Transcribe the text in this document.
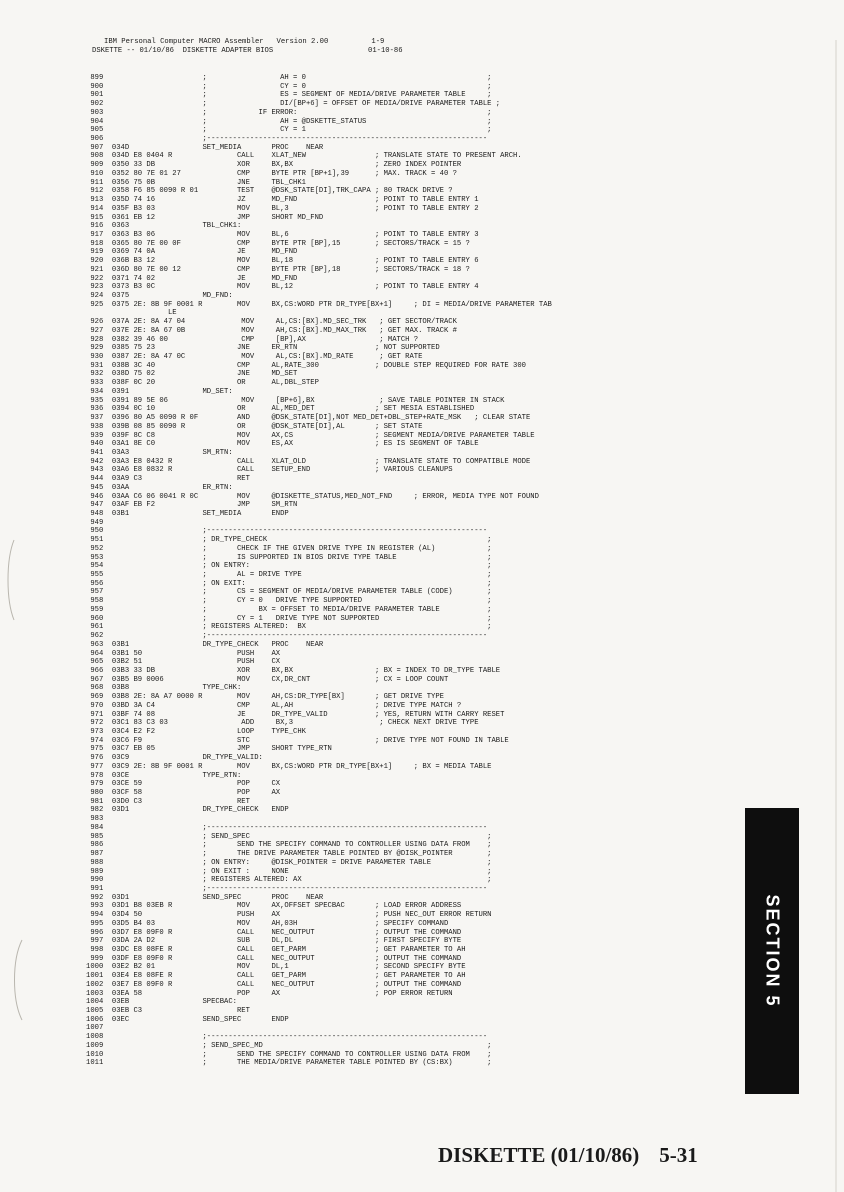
IBM Personal Computer MACRO Assembler   Version 2.00          1-9
DSKETTE -- 01/10/86  DISKETTE ADAPTER BIOS                      01-10-86
899                       ;                 AH = 0                                          ;
900                       ;                 CY = 0                                          ;
901                       ;                 ES = SEGMENT OF MEDIA/DRIVE PARAMETER TABLE     ;
902                       ;                 DI/[BP+6] = OFFSET OF MEDIA/DRIVE PARAMETER TABLE ;
903                       ;            IF ERROR:                                            ;
904                       ;                 AH = @DSKETTE_STATUS                            ;
905                       ;                 CY = 1                                          ;
906                       ;-----------------------------------------------------------------
907  034D                 SET_MEDIA       PROC    NEAR
908  034D E8 0404 R               CALL    XLAT_NEW                ; TRANSLATE STATE TO PRESENT ARCH.
909  0350 33 DB                   XOR     BX,BX                   ; ZERO INDEX POINTER
910  0352 80 7E 01 27             CMP     BYTE PTR [BP+1],39      ; MAX. TRACK = 40 ?
911  0356 75 0B                   JNE     TBL_CHK1
912  0358 F6 85 0090 R 01         TEST    @DSK_STATE[DI],TRK_CAPA ; 80 TRACK DRIVE ?
913  035D 74 16                   JZ      MD_FND                  ; POINT TO TABLE ENTRY 1
914  035F B3 03                   MOV     BL,3                    ; POINT TO TABLE ENTRY 2
915  0361 EB 12                   JMP     SHORT MD_FND
916  0363                 TBL_CHK1:
917  0363 B3 06                   MOV     BL,6                    ; POINT TO TABLE ENTRY 3
918  0365 80 7E 00 0F             CMP     BYTE PTR [BP],15        ; SECTORS/TRACK = 15 ?
919  0369 74 0A                   JE      MD_FND
920  036B B3 12                   MOV     BL,18                   ; POINT TO TABLE ENTRY 6
921  036D 80 7E 00 12             CMP     BYTE PTR [BP],18        ; SECTORS/TRACK = 18 ?
922  0371 74 02                   JE      MD_FND
923  0373 B3 0C                   MOV     BL,12                   ; POINT TO TABLE ENTRY 4
924  0375                 MD_FND:
925  0375 2E: 8B 9F 0001 R        MOV     BX,CS:WORD PTR DR_TYPE[BX+1]     ; DI = MEDIA/DRIVE PARAMETER TAB
LE
926  037A 2E: 8A 47 04             MOV     AL,CS:[BX].MD_SEC_TRK   ; GET SECTOR/TRACK
927  037E 2E: 8A 67 0B             MOV     AH,CS:[BX].MD_MAX_TRK   ; GET MAX. TRACK #
928  0382 39 46 00                 CMP     [BP],AX                 ; MATCH ?
929  0385 75 23                   JNE     ER_RTN                  ; NOT SUPPORTED
930  0387 2E: 8A 47 0C             MOV     AL,CS:[BX].MD_RATE      ; GET RATE
931  038B 3C 40                   CMP     AL,RATE_300             ; DOUBLE STEP REQUIRED FOR RATE 300
932  038D 75 02                   JNE     MD_SET
933  038F 0C 20                   OR      AL,DBL_STEP
934  0391                 MD_SET:
935  0391 89 5E 06                 MOV     [BP+6],BX               ; SAVE TABLE POINTER IN STACK
936  0394 0C 10                   OR      AL,MED_DET              ; SET MESIA ESTABLISHED
937  0396 80 A5 0090 R 0F         AND     @DSK_STATE[DI],NOT MED_DET+DBL_STEP+RATE_MSK   ; CLEAR STATE
938  039B 08 85 0090 R            OR      @DSK_STATE[DI],AL       ; SET STATE
939  039F 8C C8                   MOV     AX,CS                   ; SEGMENT MEDIA/DRIVE PARAMETER TABLE
940  03A1 8E C0                   MOV     ES,AX                   ; ES IS SEGMENT OF TABLE
941  03A3                 SM_RTN:
942  03A3 E8 0432 R               CALL    XLAT_OLD                ; TRANSLATE STATE TO COMPATIBLE MODE
943  03A6 E8 0832 R               CALL    SETUP_END               ; VARIOUS CLEANUPS
944  03A9 C3                      RET
945  03AA                 ER_RTN:
946  03AA C6 06 0041 R 0C         MOV     @DISKETTE_STATUS,MED_NOT_FND     ; ERROR, MEDIA TYPE NOT FOUND
947  03AF EB F2                   JMP     SM_RTN
948  03B1                 SET_MEDIA       ENDP
949
950                       ;-----------------------------------------------------------------
951                       ; DR_TYPE_CHECK                                                   ;
952                       ;       CHECK IF THE GIVEN DRIVE TYPE IN REGISTER (AL)            ;
953                       ;       IS SUPPORTED IN BIOS DRIVE TYPE TABLE                     ;
954                       ; ON ENTRY:                                                       ;
955                       ;       AL = DRIVE TYPE                                           ;
956                       ; ON EXIT:                                                        ;
957                       ;       CS = SEGMENT OF MEDIA/DRIVE PARAMETER TABLE (CODE)        ;
958                       ;       CY = 0   DRIVE TYPE SUPPORTED                             ;
959                       ;            BX = OFFSET TO MEDIA/DRIVE PARAMETER TABLE           ;
960                       ;       CY = 1   DRIVE TYPE NOT SUPPORTED                         ;
961                       ; REGISTERS ALTERED:  BX                                          ;
962                       ;-----------------------------------------------------------------
963  03B1                 DR_TYPE_CHECK   PROC    NEAR
964  03B1 50                      PUSH    AX
965  03B2 51                      PUSH    CX
966  03B3 33 DB                   XOR     BX,BX                   ; BX = INDEX TO DR_TYPE TABLE
967  03B5 B9 0006                 MOV     CX,DR_CNT               ; CX = LOOP COUNT
968  03B8                 TYPE_CHK:
969  03B8 2E: 8A A7 0000 R        MOV     AH,CS:DR_TYPE[BX]       ; GET DRIVE TYPE
970  03BD 3A C4                   CMP     AL,AH                   ; DRIVE TYPE MATCH ?
971  03BF 74 08                   JE      DR_TYPE_VALID           ; YES, RETURN WITH CARRY RESET
972  03C1 83 C3 03                 ADD     BX,3                    ; CHECK NEXT DRIVE TYPE
973  03C4 E2 F2                   LOOP    TYPE_CHK
974  03C6 F9                      STC                             ; DRIVE TYPE NOT FOUND IN TABLE
975  03C7 EB 05                   JMP     SHORT TYPE_RTN
976  03C9                 DR_TYPE_VALID:
977  03C9 2E: 8B 9F 0001 R        MOV     BX,CS:WORD PTR DR_TYPE[BX+1]     ; BX = MEDIA TABLE
978  03CE                 TYPE_RTN:
979  03CE 59                      POP     CX
980  03CF 58                      POP     AX
981  03D0 C3                      RET
982  03D1                 DR_TYPE_CHECK   ENDP
983
984                       ;-----------------------------------------------------------------
985                       ; SEND_SPEC                                                       ;
986                       ;       SEND THE SPECIFY COMMAND TO CONTROLLER USING DATA FROM    ;
987                       ;       THE DRIVE PARAMETER TABLE POINTED BY @DISK_POINTER        ;
988                       ; ON ENTRY:     @DISK_POINTER = DRIVE PARAMETER TABLE             ;
989                       ; ON EXIT :     NONE                                              ;
990                       ; REGISTERS ALTERED: AX                                           ;
991                       ;-----------------------------------------------------------------
992  03D1                 SEND_SPEC       PROC    NEAR
993  03D1 B8 03EB R               MOV     AX,OFFSET SPECBAC       ; LOAD ERROR ADDRESS
994  03D4 50                      PUSH    AX                      ; PUSH NEC_OUT ERROR RETURN
995  03D5 B4 03                   MOV     AH,03H                  ; SPECIFY COMMAND
996  03D7 E8 09F0 R               CALL    NEC_OUTPUT              ; OUTPUT THE COMMAND
997  03DA 2A D2                   SUB     DL,DL                   ; FIRST SPECIFY BYTE
998  03DC E8 08FE R               CALL    GET_PARM                ; GET PARAMETER TO AH
999  03DF E8 09F0 R               CALL    NEC_OUTPUT              ; OUTPUT THE COMMAND
1000  03E2 B2 01                   MOV     DL,1                    ; SECOND SPECIFY BYTE
1001  03E4 E8 08FE R               CALL    GET_PARM                ; GET PARAMETER TO AH
1002  03E7 E8 09F0 R               CALL    NEC_OUTPUT              ; OUTPUT THE COMMAND
1003  03EA 58                      POP     AX                      ; POP ERROR RETURN
1004  03EB                 SPECBAC:
1005  03EB C3                      RET
1006  03EC                 SEND_SPEC       ENDP
1007
1008                       ;-----------------------------------------------------------------
1009                       ; SEND_SPEC_MD                                                    ;
1010                       ;       SEND THE SPECIFY COMMAND TO CONTROLLER USING DATA FROM    ;
1011                       ;       THE MEDIA/DRIVE PARAMETER TABLE POINTED BY (CS:BX)        ;
SECTION 5
DISKETTE (01/10/86) 5-31
